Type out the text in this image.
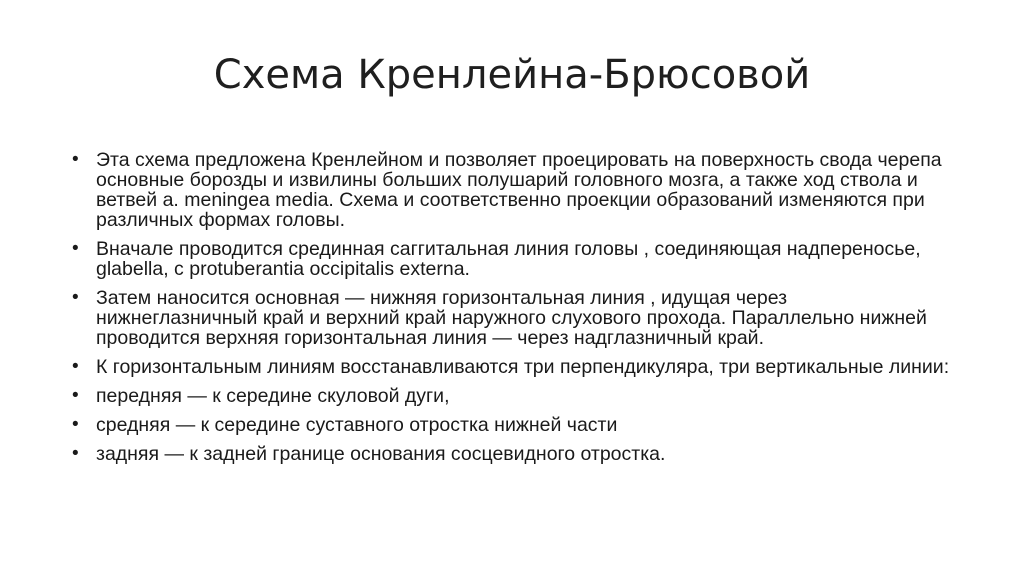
Схема Кренлейна-Брюсовой
• Эта схема предложена Кренлейном и позволяет проецировать на поверхность свода черепа основные борозды и извилины больших полушарий головного мозга, а также ход ствола и ветвей a. meningea media. Схема и соответственно проекции образований изменяются при различных формах головы.
• Вначале проводится срединная саггитальная линия головы , соединяющая надпереносье, glabella, с protuberantia occipitalis externa.
• Затем наносится основная — нижняя горизонтальная линия , идущая через нижнеглазничный край и верхний край наружного слухового прохода. Параллельно нижней проводится верхняя горизонтальная линия — через надглазничный край.
• К горизонтальным линиям восстанавливаются три перпендикуляра, три вертикальные линии:
• передняя — к середине скуловой дуги,
• средняя — к середине суставного отростка нижней части
• задняя — к задней границе основания сосцевидного отростка.
